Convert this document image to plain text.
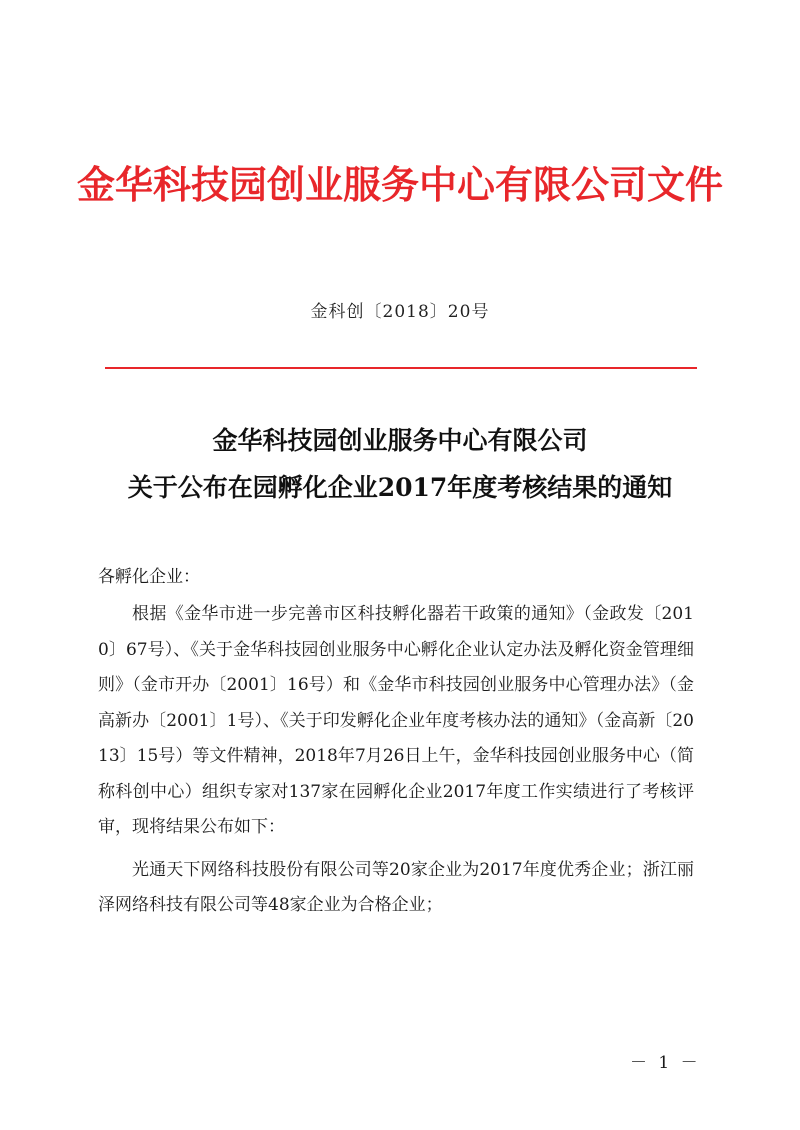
金华科技园创业服务中心有限公司文件
金科创〔2018〕20号
金华科技园创业服务中心有限公司
关于公布在园孵化企业2017年度考核结果的通知
各孵化企业：

根据《金华市进一步完善市区科技孵化器若干政策的通知》（金政发〔2010〕67号）、《关于金华科技园创业服务中心孵化企业认定办法及孵化资金管理细则》（金市开办〔2001〕16号）和《金华市科技园创业服务中心管理办法》（金高新办〔2001〕1号）、《关于印发孵化企业年度考核办法的通知》（金高新〔2013〕15号）等文件精神，2018年7月26日上午，金华科技园创业服务中心（简称科创中心）组织专家对137家在园孵化企业2017年度工作实绩进行了考核评审，现将结果公布如下：

光通天下网络科技股份有限公司等20家企业为2017年度优秀企业；浙江丽泽网络科技有限公司等48家企业为合格企业；

－ 1 －
